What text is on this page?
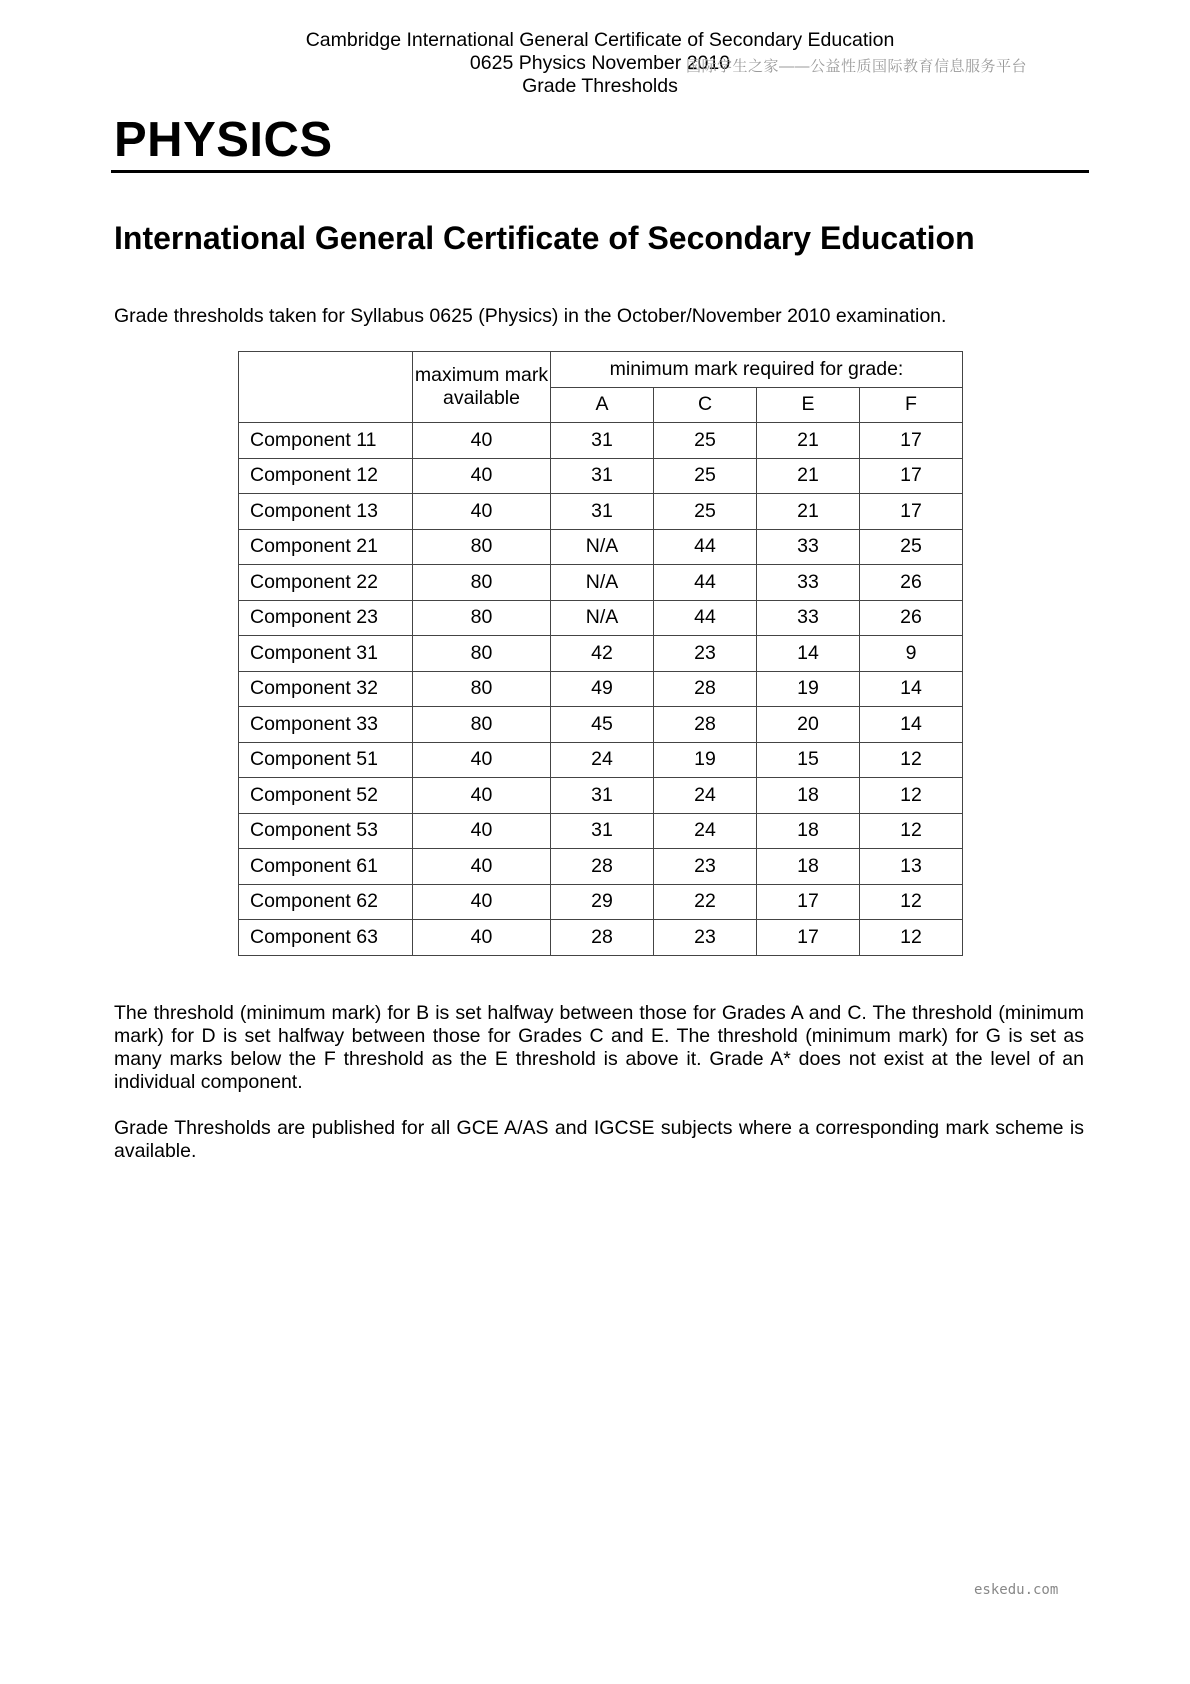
Cambridge International General Certificate of Secondary Education
0625 Physics November 2010
Grade Thresholds
国际学生之家——公益性质国际教育信息服务平台
PHYSICS
International General Certificate of Secondary Education
Grade thresholds taken for Syllabus 0625 (Physics) in the October/November 2010 examination.
	maximum mark available	minimum mark required for grade:			
		A	C	E	F
Component 11	40	31	25	21	17
Component 12	40	31	25	21	17
Component 13	40	31	25	21	17
Component 21	80	N/A	44	33	25
Component 22	80	N/A	44	33	26
Component 23	80	N/A	44	33	26
Component 31	80	42	23	14	9
Component 32	80	49	28	19	14
Component 33	80	45	28	20	14
Component 51	40	24	19	15	12
Component 52	40	31	24	18	12
Component 53	40	31	24	18	12
Component 61	40	28	23	18	13
Component 62	40	29	22	17	12
Component 63	40	28	23	17	12

The threshold (minimum mark) for B is set halfway between those for Grades A and C. The threshold (minimum mark) for D is set halfway between those for Grades C and E. The threshold (minimum mark) for G is set as many marks below the F threshold as the E threshold is above it. Grade A* does not exist at the level of an individual component.

Grade Thresholds are published for all GCE A/AS and IGCSE subjects where a corresponding mark scheme is available.

eskedu.com
